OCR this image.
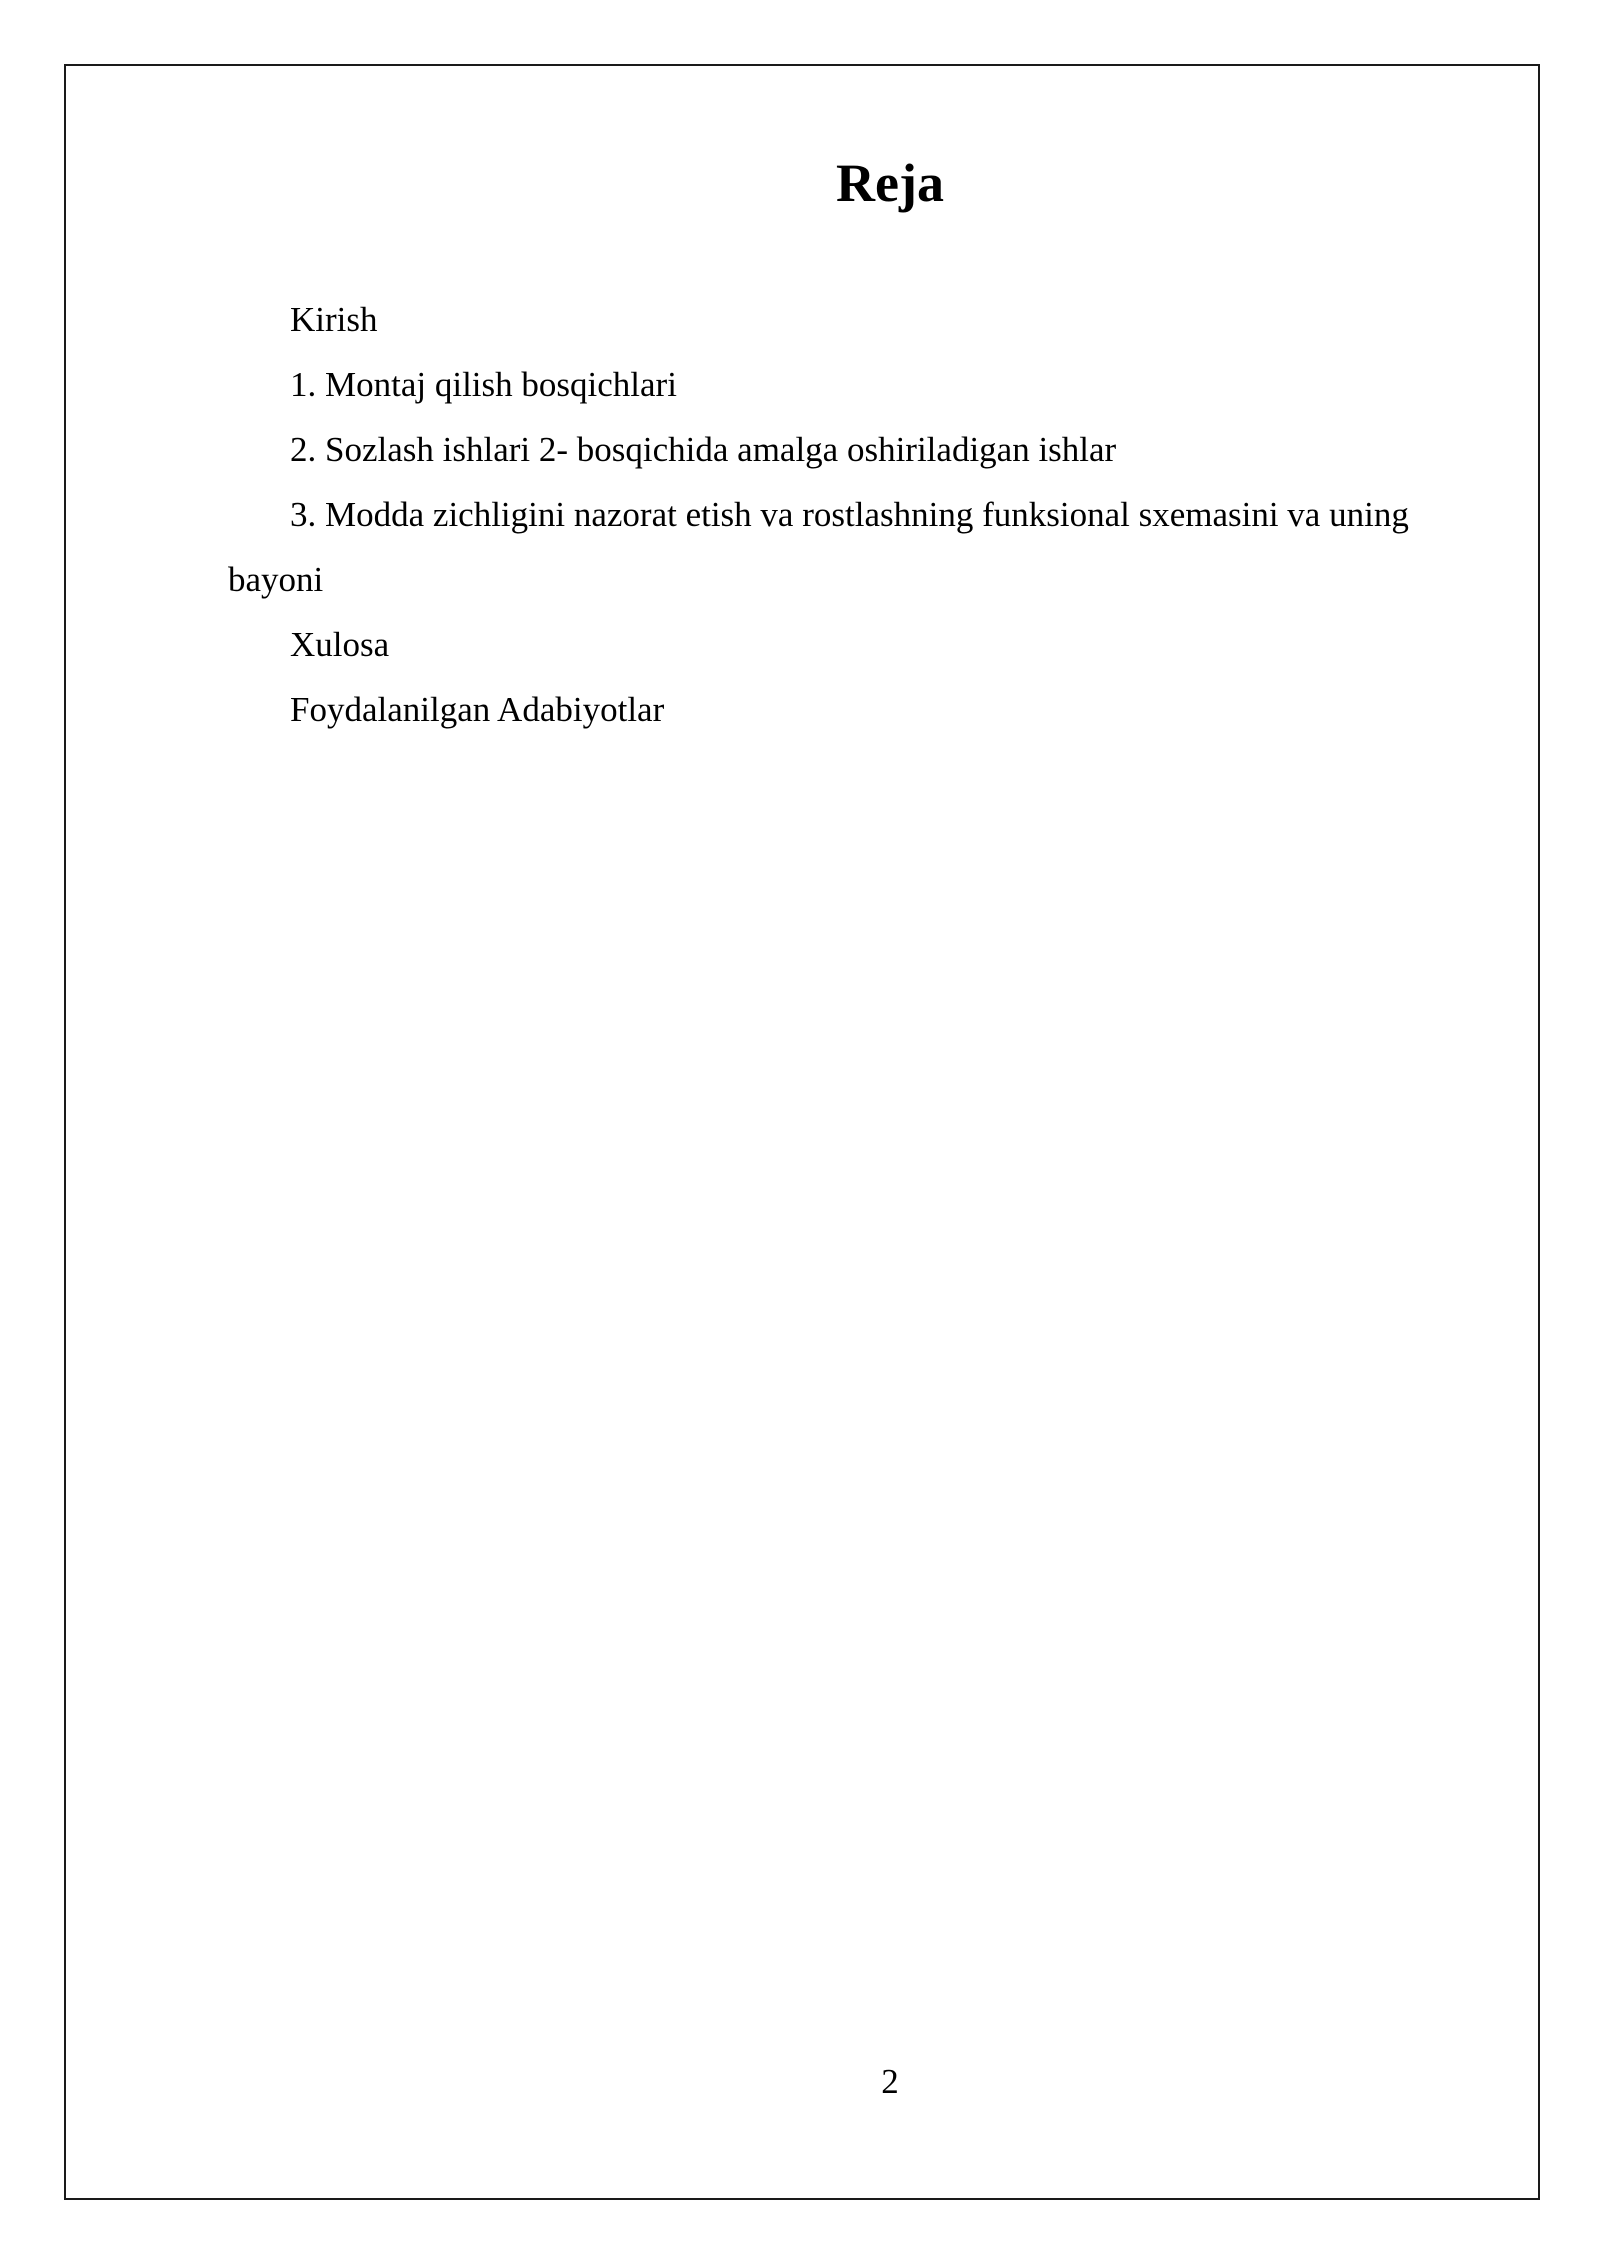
Reja
Kirish
1. Montaj qilish bosqichlari
2. Sozlash ishlari 2- bosqichida amalga oshiriladigan ishlar
3. Modda zichligini nazorat etish va rostlashning funksional sxemasini va uning bayoni
Xulosa
Foydalanilgan Adabiyotlar
2
